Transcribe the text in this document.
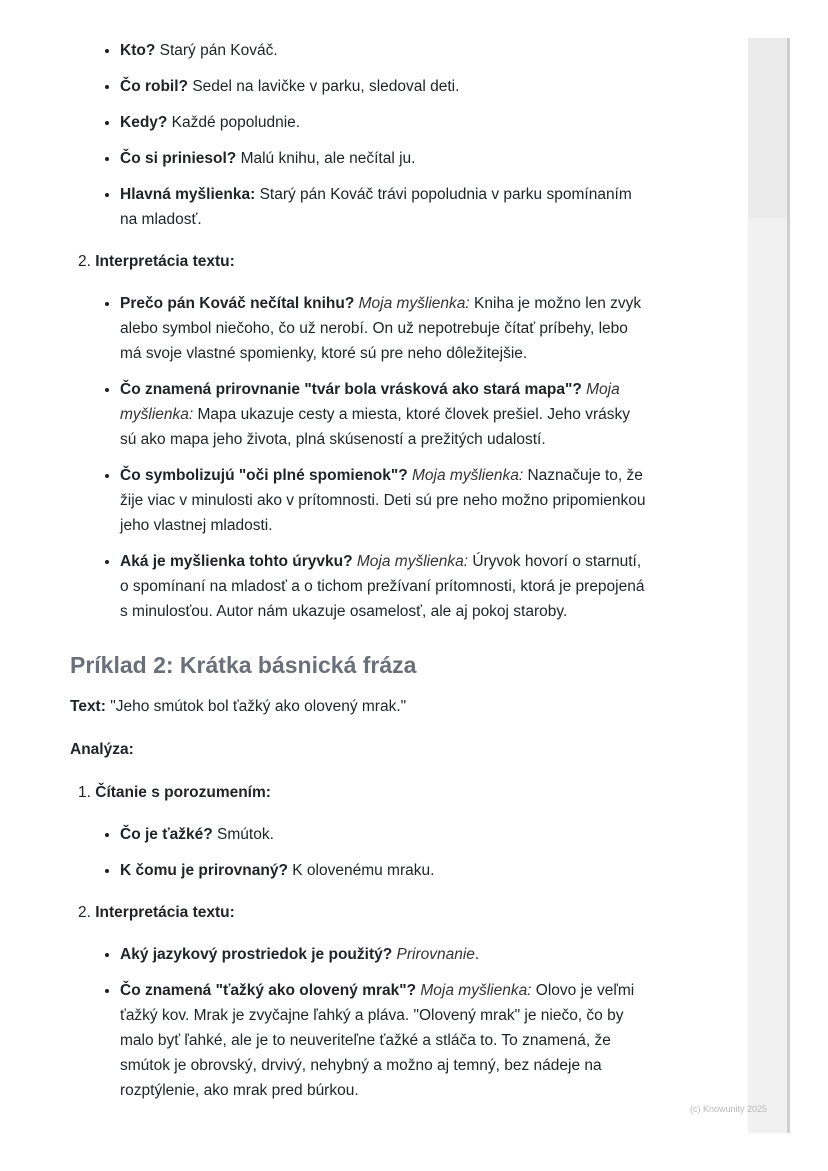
• Kto? Starý pán Kováč.
• Čo robil? Sedel na lavičke v parku, sledoval deti.
• Kedy? Každé popoludnie.
• Čo si priniesol? Malú knihu, ale nečítal ju.
• Hlavná myšlienka: Starý pán Kováč trávi popoludnia v parku spomínaním na mladosť.
2. Interpretácia textu:
• Prečo pán Kováč nečítal knihu? Moja myšlienka: Kniha je možno len zvyk alebo symbol niečoho, čo už nerobí. On už nepotrebuje čítať príbehy, lebo má svoje vlastné spomienky, ktoré sú pre neho dôležitejšie.
• Čo znamená prirovnanie "tvár bola vrásková ako stará mapa"? Moja myšlienka: Mapa ukazuje cesty a miesta, ktoré človek prešiel. Jeho vrásky sú ako mapa jeho života, plná skúseností a prežitých udalostí.
• Čo symbolizujú "oči plné spomienok"? Moja myšlienka: Naznačuje to, že žije viac v minulosti ako v prítomnosti. Deti sú pre neho možno pripomienkou jeho vlastnej mladosti.
• Aká je myšlienka tohto úryvku? Moja myšlienka: Úryvok hovorí o starnutí, o spomínaní na mladosť a o tichom prežívaní prítomnosti, ktorá je prepojená s minulosťou. Autor nám ukazuje osamelosť, ale aj pokoj staroby.
Príklad 2: Krátka básnická fráza

Text: "Jeho smútok bol ťažký ako olovený mrak."

Analýza:

1. Čítanie s porozumením:
• Čo je ťažké? Smútok.
• K čomu je prirovnaný? K olovenému mraku.
2. Interpretácia textu:
• Aký jazykový prostriedok je použitý? Prirovnanie.
• Čo znamená "ťažký ako olovený mrak"? Moja myšlienka: Olovo je veľmi ťažký kov. Mrak je zvyčajne ľahký a pláva. "Olovený mrak" je niečo, čo by malo byť ľahké, ale je to neuveriteľne ťažké a stláča to. To znamená, že smútok je obrovský, drvivý, nehybný a možno aj temný, bez nádeje na rozptýlenie, ako mrak pred búrkou.
(c) Knowunity 2025
